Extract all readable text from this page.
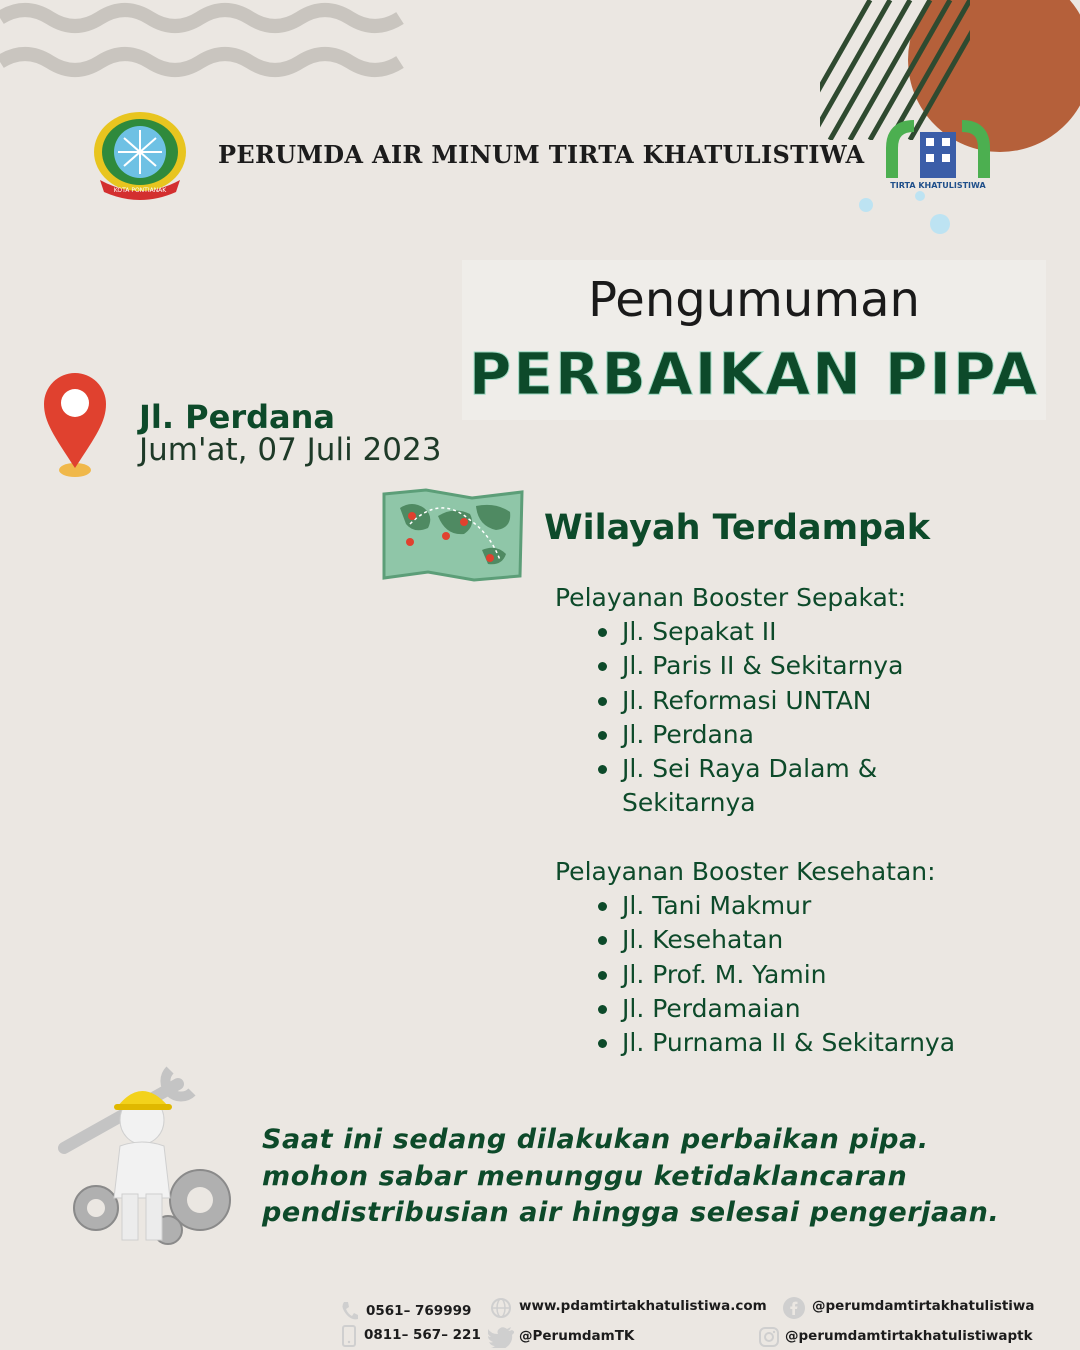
KOTA PONTIANAK
PERUMDA AIR MINUM TIRTA KHATULISTIWA
TIRTA KHATULISTIWA
Pengumuman
PERBAIKAN PIPA
Jl. Perdana
Jum'at, 07 Juli 2023
Wilayah Terdampak
Pelayanan Booster Sepakat:
Jl. Sepakat II
Jl. Paris II & Sekitarnya
Jl. Reformasi UNTAN
Jl. Perdana
Jl. Sei Raya Dalam & Sekitarnya
Pelayanan Booster Kesehatan:
Jl. Tani Makmur
Jl. Kesehatan
Jl. Prof. M. Yamin
Jl. Perdamaian
Jl. Purnama II & Sekitarnya
Saat ini sedang dilakukan perbaikan pipa.
mohon sabar menunggu ketidaklancaran
pendistribusian air hingga selesai pengerjaan.
0561– 769999
0811– 567– 221
www.pdamtirtakhatulistiwa.com
@PerumdamTK
@perumdamtirtakhatulistiwa
@perumdamtirtakhatulistiwaptk
